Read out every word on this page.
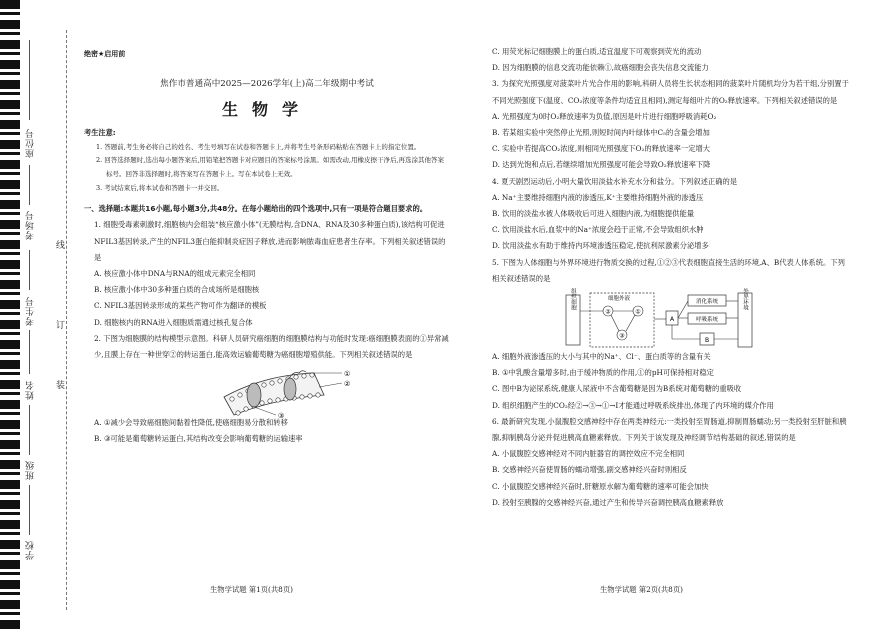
座位号
考场号
考生号
姓名
班级
学校
线
订
装

绝密★启用前

焦作市普通高中2025—2026学年(上)高二年级期中考试

生物学

考生注意:

1. 答题前,考生务必将自己的姓名、考生号填写在试卷和答题卡上,并将考生号条形码粘贴在答题卡上的指定位置。

2. 回答选择题时,选出每小题答案后,用铅笔把答题卡对应题目的答案标号涂黑。如需改动,用橡皮擦干净后,再选涂其他答案标号。回答非选择题时,将答案写在答题卡上。写在本试卷上无效。

3. 考试结束后,将本试卷和答题卡一并交回。

一、选择题:本题共16小题,每小题3分,共48分。在每小题给出的四个选项中,只有一项是符合题目要求的。

1. 细胞受毒素刺激时,细胞核内会组装“核应激小体”(无膜结构,含DNA、RNA及30多种蛋白质),该结构可促进NFIL3基因转录,产生的NFIL3蛋白能抑制炎症因子释放,进而影响脓毒血症患者生存率。下列相关叙述错误的是

A. 核应激小体中DNA与RNA的组成元素完全相同

B. 核应激小体中30多种蛋白质的合成场所是细胞核

C. NFIL3基因转录形成的某些产物可作为翻译的模板

D. 细胞核内的RNA进入细胞质需通过核孔复合体

2. 下图为细胞膜的结构模型示意图。科研人员研究癌细胞的细胞膜结构与功能时发现:癌细胞膜表面的①异常减少,且膜上存在一种世穿②的转运蛋白,能高效运输葡萄糖为癌细胞增殖供能。下列相关叙述错误的是

①
②
③

A. ①减少会导致癌细胞间黏着性降低,使癌细胞易分散和转移

B. ③可能是葡萄糖转运蛋白,其结构改变会影响葡萄糖的运输速率

生物学试题 第1页(共8页)

C. 用荧光标记细胞膜上的蛋白质,适宜温度下可观察到荧光的流动

D. 因为细胞膜的信息交流功能依赖①,故癌细胞会丧失信息交流能力

3. 为探究光照强度对菠菜叶片光合作用的影响,科研人员将生长状态相同的菠菜叶片随机均分为若干组,分别置于不同光照强度下(温度、CO₂浓度等条件均适宜且相同),测定每组叶片的O₂释放速率。下列相关叙述错误的是

A. 光照强度为0时O₂释放速率为负值,原因是叶片进行细胞呼吸消耗O₂

B. 若某组实验中突然停止光照,则短时间内叶绿体中C₅的含量会增加

C. 实验中若提高CO₂浓度,则相同光照强度下O₂的释放速率一定增大

D. 达到光饱和点后,若继续增加光照强度可能会导致O₂释放速率下降

4. 夏天剧烈运动后,小明大量饮用淡盐水补充水分和盐分。下列叙述正确的是

A. Na⁺主要维持细胞内液的渗透压,K⁺主要维持细胞外液的渗透压

B. 饮用的淡盐水被人体吸收后可进入细胞内液,为细胞提供能量

C. 饮用淡盐水后,血浆中的Na⁺浓度会趋于正常,不会导致组织水肿

D. 饮用淡盐水有助于维持内环境渗透压稳定,使抗利尿激素分泌增多

5. 下图为人体细胞与外界环境进行物质交换的过程,①②③代表细胞直接生活的环境,A、B代表人体系统。下列相关叙述错误的是

组织细胞	细胞外液
①
②
③
A
消化系统
呼吸系统
B
外界环境

A. 细胞外液渗透压的大小与其中的Na⁺、Cl⁻、蛋白质等的含量有关

B. ①中乳酸含量增多时,由于缓冲物质的作用,①的pH可保持相对稳定

C. 图中B为泌尿系统,健康人尿液中不含葡萄糖是因为B系统对葡萄糖的重吸收

D. 组织细胞产生的CO₂经②→③→①→I才能通过呼吸系统排出,体现了内环境的媒介作用

6. 最新研究发现,小鼠腹腔交感神经中存在两类神经元:一类投射至胃肠道,抑制胃肠蠕动;另一类投射至肝脏和胰腺,抑制胰岛分泌并促进胰高血糖素释放。下列关于该发现及神经调节结构基础的叙述,错误的是

A. 小鼠腹腔交感神经对不同内脏器官的调控效应不完全相同

B. 交感神经兴奋使胃肠的蠕动增强,副交感神经兴奋时则相反

C. 小鼠腹腔交感神经兴奋时,肝糖原水解为葡萄糖的速率可能会加快

D. 投射至胰腺的交感神经兴奋,通过产生和传导兴奋调控胰高血糖素释放

生物学试题 第2页(共8页)
